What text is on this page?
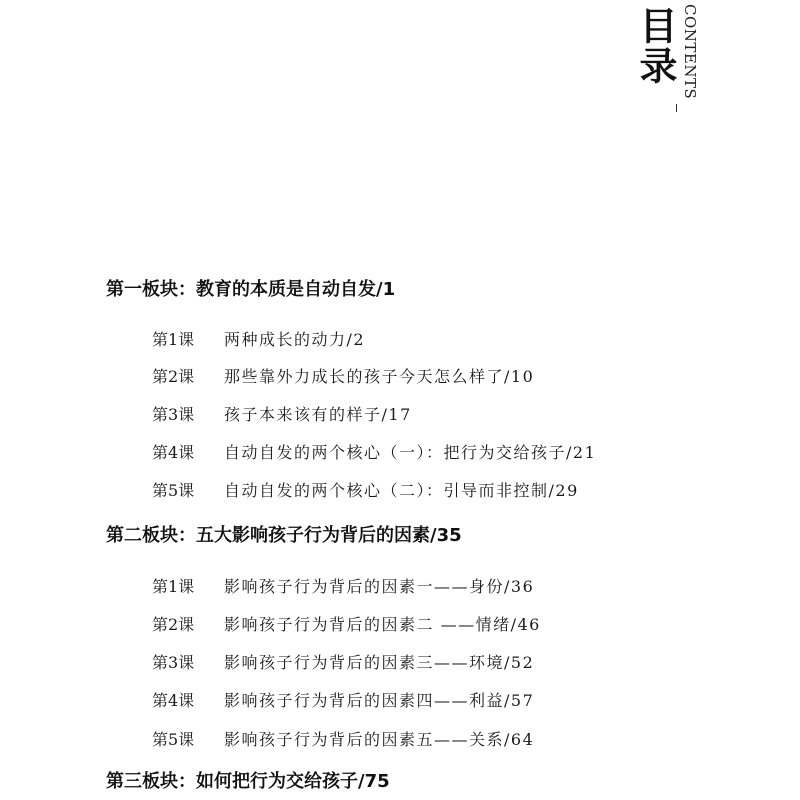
目录 CONTENTS
第一板块：教育的本质是自动自发/1
第1课 两种成长的动力/2
第2课 那些靠外力成长的孩子今天怎么样了/10
第3课 孩子本来该有的样子/17
第4课 自动自发的两个核心（一）：把行为交给孩子/21
第5课 自动自发的两个核心（二）：引导而非控制/29
第二板块：五大影响孩子行为背后的因素/35
第1课 影响孩子行为背后的因素一——身份/36
第2课 影响孩子行为背后的因素二 ——情绪/46
第3课 影响孩子行为背后的因素三——环境/52
第4课 影响孩子行为背后的因素四——利益/57
第5课 影响孩子行为背后的因素五——关系/64
第三板块：如何把行为交给孩子/75
